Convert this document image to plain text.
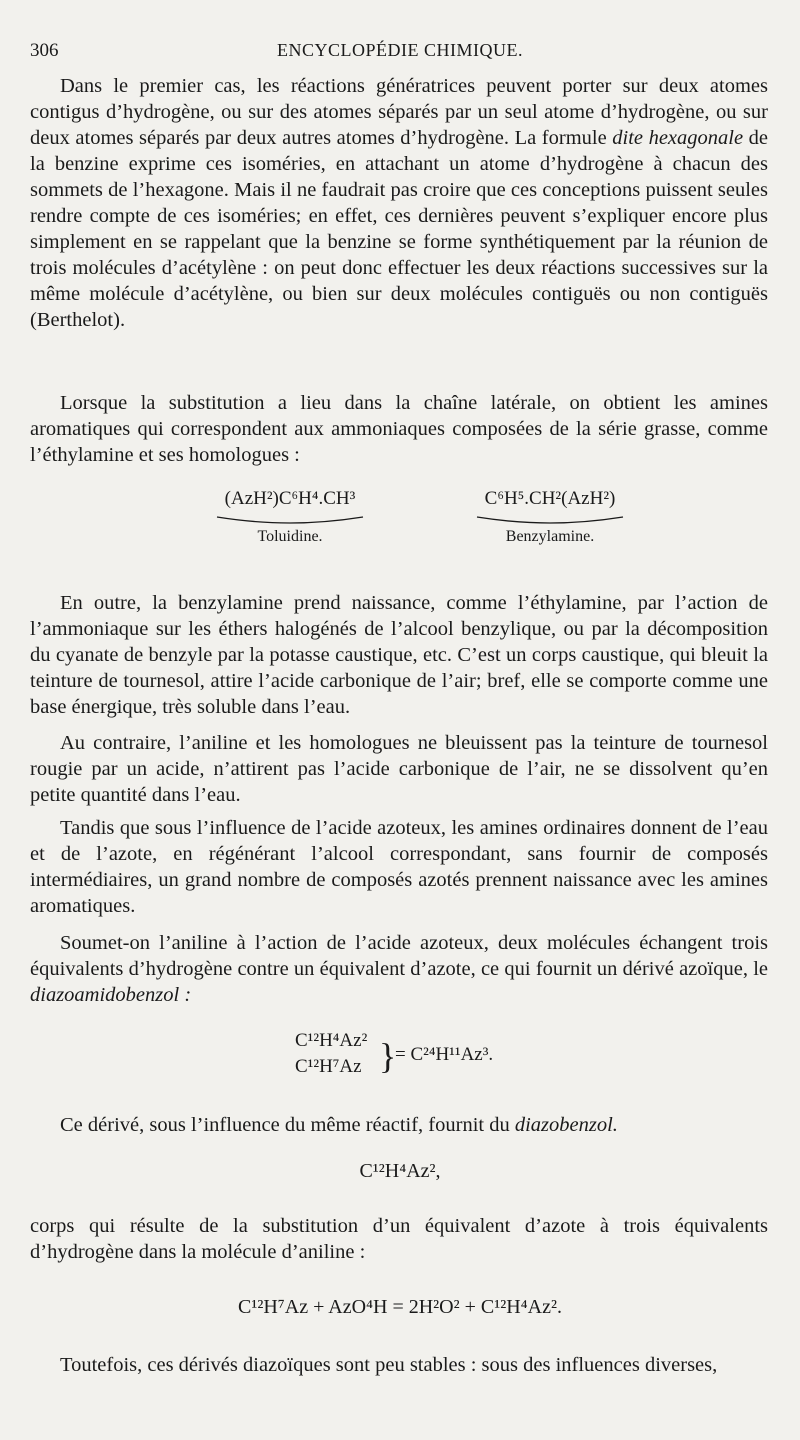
306	ENCYCLOPÉDIE CHIMIQUE.

Dans le premier cas, les réactions génératrices peuvent porter sur deux atomes contigus d’hydrogène, ou sur des atomes séparés par un seul atome d’hydrogène, ou sur deux atomes séparés par deux autres atomes d’hydrogène. La formule dite hexagonale de la benzine exprime ces isoméries, en attachant un atome d’hydrogène à chacun des sommets de l’hexagone. Mais il ne faudrait pas croire que ces conceptions puissent seules rendre compte de ces isoméries; en effet, ces dernières peuvent s’expliquer encore plus simplement en se rappelant que la benzine se forme synthétiquement par la réunion de trois molécules d’acétylène : on peut donc effectuer les deux réactions successives sur la même molécule d’acétylène, ou bien sur deux molécules contiguës ou non contiguës (Berthelot).

Lorsque la substitution a lieu dans la chaîne latérale, on obtient les amines aromatiques qui correspondent aux ammoniaques composées de la série grasse, comme l’éthylamine et ses homologues :

(AzH²)C⁶H⁴.CH³
Toluidine.
C⁶H⁵.CH²(AzH²)
Benzylamine.

En outre, la benzylamine prend naissance, comme l’éthylamine, par l’action de l’ammoniaque sur les éthers halogénés de l’alcool benzylique, ou par la décomposition du cyanate de benzyle par la potasse caustique, etc. C’est un corps caustique, qui bleuit la teinture de tournesol, attire l’acide carbonique de l’air; bref, elle se comporte comme une base énergique, très soluble dans l’eau.

Au contraire, l’aniline et les homologues ne bleuissent pas la teinture de tournesol rougie par un acide, n’attirent pas l’acide carbonique de l’air, ne se dissolvent qu’en petite quantité dans l’eau.

Tandis que sous l’influence de l’acide azoteux, les amines ordinaires donnent de l’eau et de l’azote, en régénérant l’alcool correspondant, sans fournir de composés intermédiaires, un grand nombre de composés azotés prennent naissance avec les amines aromatiques.

Soumet-on l’aniline à l’action de l’acide azoteux, deux molécules échangent trois équivalents d’hydrogène contre un équivalent d’azote, ce qui fournit un dérivé azoïque, le diazoamidobenzol :

C¹²H⁴Az²
C¹²H⁷Az }
= C²⁴H¹¹Az³.

Ce dérivé, sous l’influence du même réactif, fournit du diazobenzol.

C¹²H⁴Az²,

corps qui résulte de la substitution d’un équivalent d’azote à trois équivalents d’hydrogène dans la molécule d’aniline :

C¹²H⁷Az + AzO⁴H = 2H²O² + C¹²H⁴Az².

Toutefois, ces dérivés diazoïques sont peu stables : sous des influences diverses,
